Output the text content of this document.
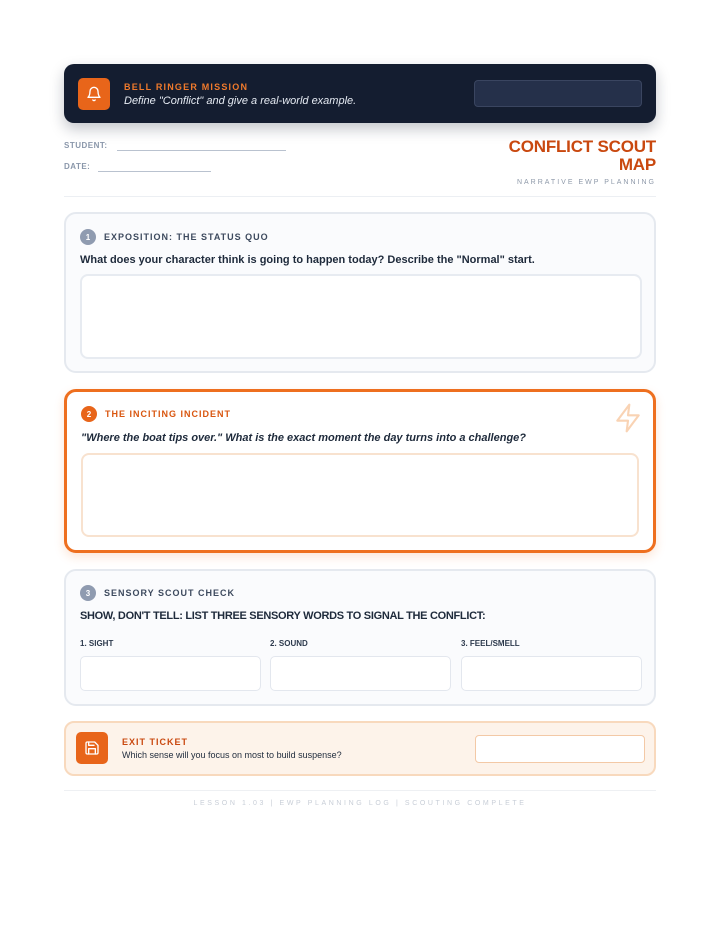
BELL RINGER MISSION
Define "Conflict" and give a real-world example.
STUDENT:
DATE:
CONFLICT SCOUT
MAP
NARRATIVE EWP PLANNING
1	EXPOSITION: THE STATUS QUO
What does your character think is going to happen today? Describe the "Normal" start.
2	THE INCITING INCIDENT
"Where the boat tips over." What is the exact moment the day turns into a challenge?
3	SENSORY SCOUT CHECK
SHOW, DON'T TELL: LIST THREE SENSORY WORDS TO SIGNAL THE CONFLICT:
1. SIGHT	2. SOUND	3. FEEL/SMELL
EXIT TICKET
Which sense will you focus on most to build suspense?
LESSON 1.03 | EWP PLANNING LOG | SCOUTING COMPLETE
